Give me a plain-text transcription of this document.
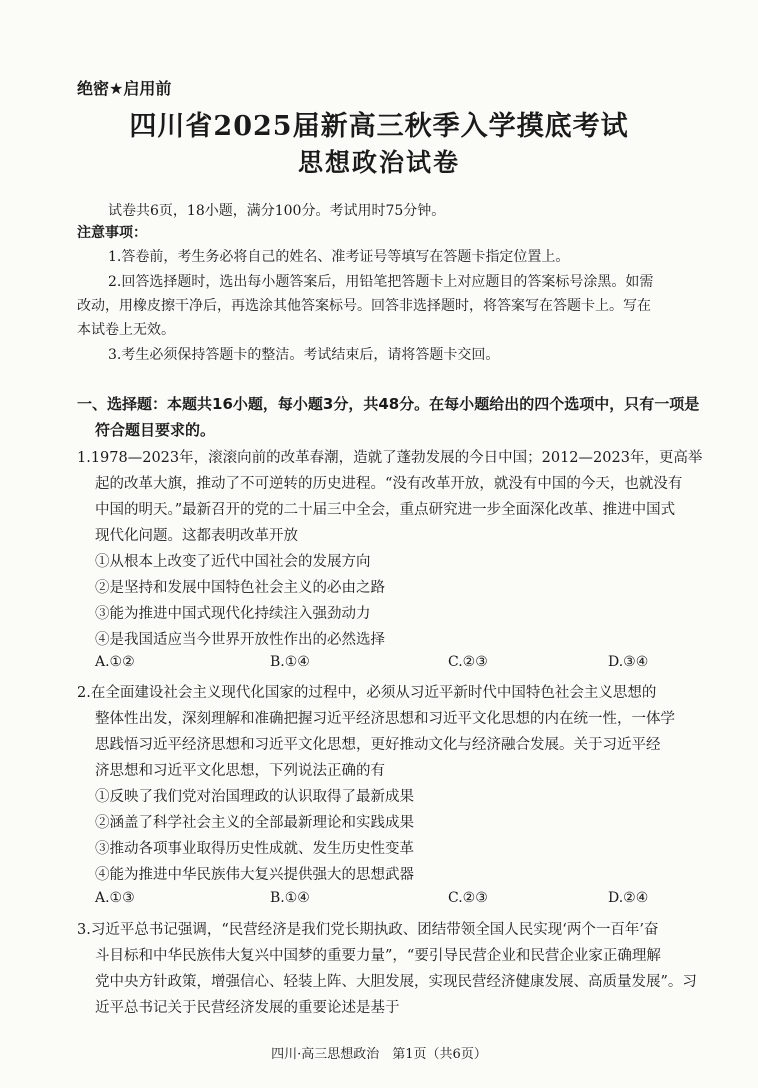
绝密★启用前
四川省2025届新高三秋季入学摸底考试
思想政治试卷
试卷共6页，18小题，满分100分。考试用时75分钟。
注意事项：
1.答卷前，考生务必将自己的姓名、准考证号等填写在答题卡指定位置上。
2.回答选择题时，选出每小题答案后，用铅笔把答题卡上对应题目的答案标号涂黑。如需
改动，用橡皮擦干净后，再选涂其他答案标号。回答非选择题时，将答案写在答题卡上。写在
本试卷上无效。
3.考生必须保持答题卡的整洁。考试结束后，请将答题卡交回。
一、选择题：本题共16小题，每小题3分，共48分。在每小题给出的四个选项中，只有一项是
符合题目要求的。
1.1978—2023年，滚滚向前的改革春潮，造就了蓬勃发展的今日中国；2012—2023年，更高举
起的改革大旗，推动了不可逆转的历史进程。“没有改革开放，就没有中国的今天，也就没有
中国的明天。”最新召开的党的二十届三中全会，重点研究进一步全面深化改革、推进中国式
现代化问题。这都表明改革开放
①从根本上改变了近代中国社会的发展方向
②是坚持和发展中国特色社会主义的必由之路
③能为推进中国式现代化持续注入强劲动力
④是我国适应当今世界开放性作出的必然选择
A.①②	B.①④	C.②③	D.③④
2.在全面建设社会主义现代化国家的过程中，必须从习近平新时代中国特色社会主义思想的
整体性出发，深刻理解和准确把握习近平经济思想和习近平文化思想的内在统一性，一体学
思践悟习近平经济思想和习近平文化思想，更好推动文化与经济融合发展。关于习近平经
济思想和习近平文化思想，下列说法正确的有
①反映了我们党对治国理政的认识取得了最新成果
②涵盖了科学社会主义的全部最新理论和实践成果
③推动各项事业取得历史性成就、发生历史性变革
④能为推进中华民族伟大复兴提供强大的思想武器
A.①③	B.①④	C.②③	D.②④
3.习近平总书记强调，“民营经济是我们党长期执政、团结带领全国人民实现‘两个一百年’奋
斗目标和中华民族伟大复兴中国梦的重要力量”，“要引导民营企业和民营企业家正确理解
党中央方针政策，增强信心、轻装上阵、大胆发展，实现民营经济健康发展、高质量发展”。习
近平总书记关于民营经济发展的重要论述是基于
四川·高三思想政治　第1页（共6页）
